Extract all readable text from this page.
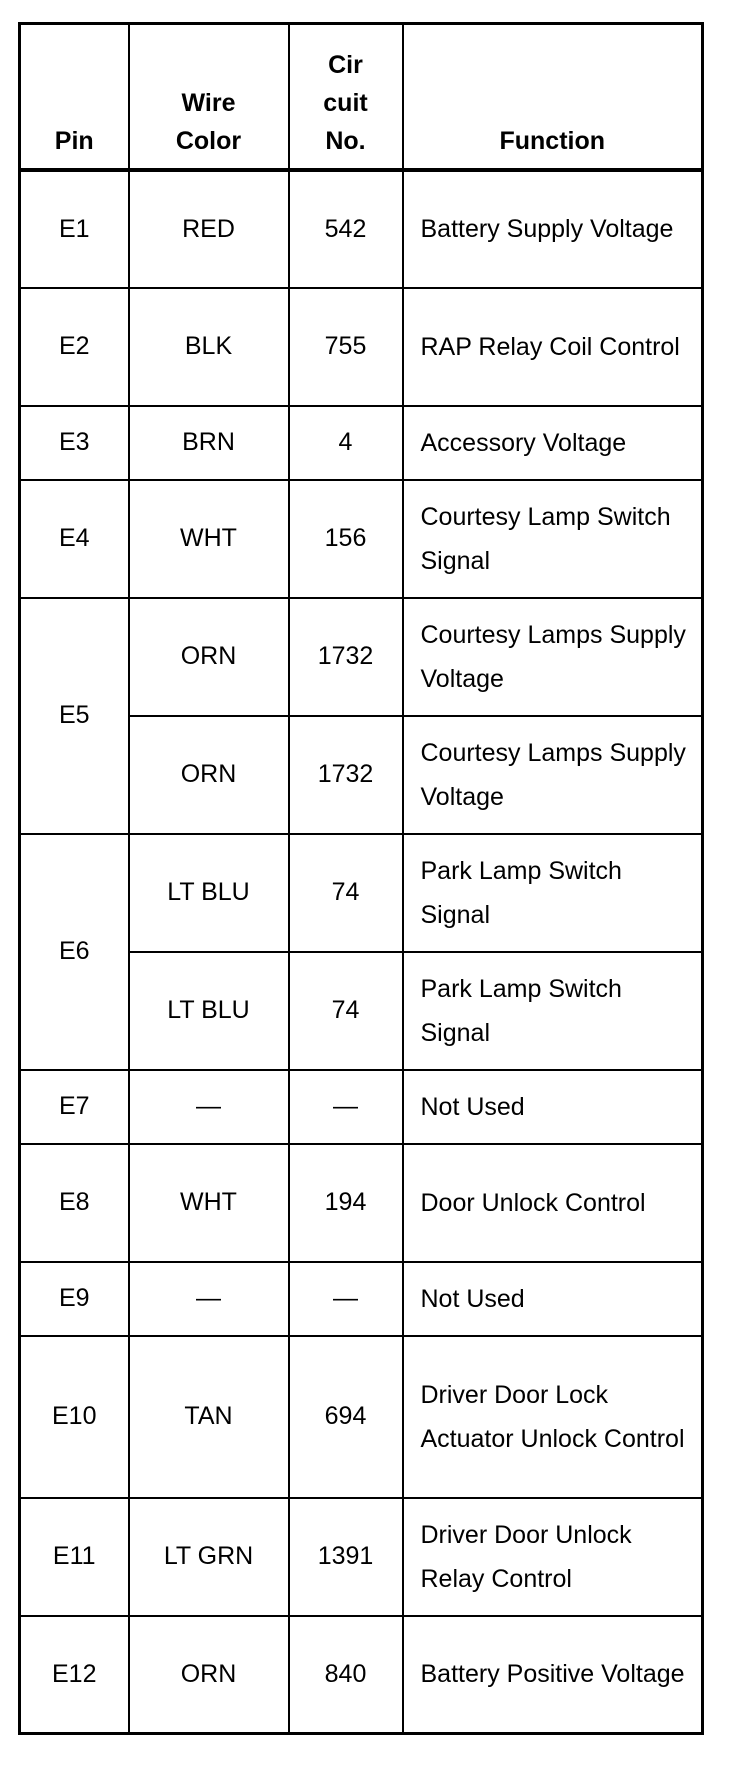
Pin	Wire Color	Cir cuit No.	Function
E1	RED	542	Battery Supply Voltage
E2	BLK	755	RAP Relay Coil Control
E3	BRN	4	Accessory Voltage
E4	WHT	156	Courtesy Lamp Switch Signal
E5	ORN	1732	Courtesy Lamps Supply Voltage
	ORN	1732	Courtesy Lamps Supply Voltage
E6	LT BLU	74	Park Lamp Switch Signal
	LT BLU	74	Park Lamp Switch Signal
E7	—	—	Not Used
E8	WHT	194	Door Unlock Control
E9	—	—	Not Used
E10	TAN	694	Driver Door Lock Actuator Unlock Control
E11	LT GRN	1391	Driver Door Unlock Relay Control
E12	ORN	840	Battery Positive Voltage
